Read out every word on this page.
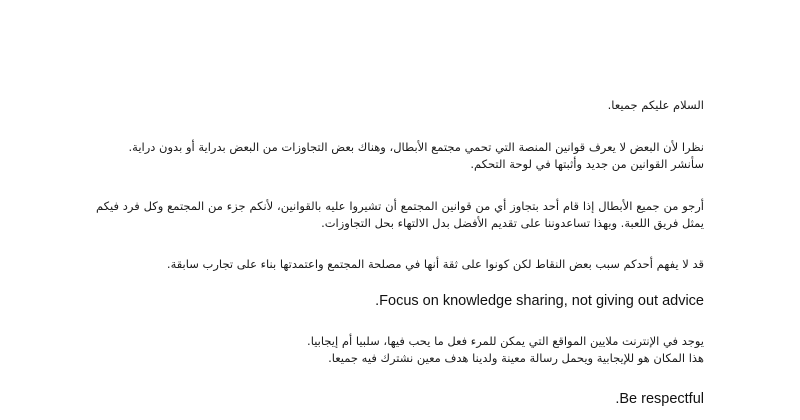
السلام عليكم جميعا.
نظرا لأن البعض لا يعرف قوانين المنصة التي تحمي مجتمع الأبطال، وهناك بعض التجاوزات من البعض بدراية أو بدون دراية.
سأنشر القوانين من جديد وأثبتها في لوحة التحكم.
أرجو من جميع الأبطال إذا قام أحد بتجاوز أي من قوانين المجتمع أن تشيروا عليه بالقوانين، لأنكم جزء من المجتمع وكل فرد فيكم
يمثل فريق اللعبة. وبهذا تساعدوننا على تقديم الأفضل بدل الالتهاء بحل التجاوزات.
قد لا يفهم أحدكم سبب بعض النقاط لكن كونوا على ثقة أنها في مصلحة المجتمع واعتمدتها بناء على تجارب سابقة.
Focus on knowledge sharing, not giving out advice.
يوجد في الإنترنت ملايين المواقع التي يمكن للمرء فعل ما يحب فيها، سلبيا أم إيجابيا.
هذا المكان هو للإيجابية ويحمل رسالة معينة ولدينا هدف معين نشترك فيه جميعا.
Be respectful.
